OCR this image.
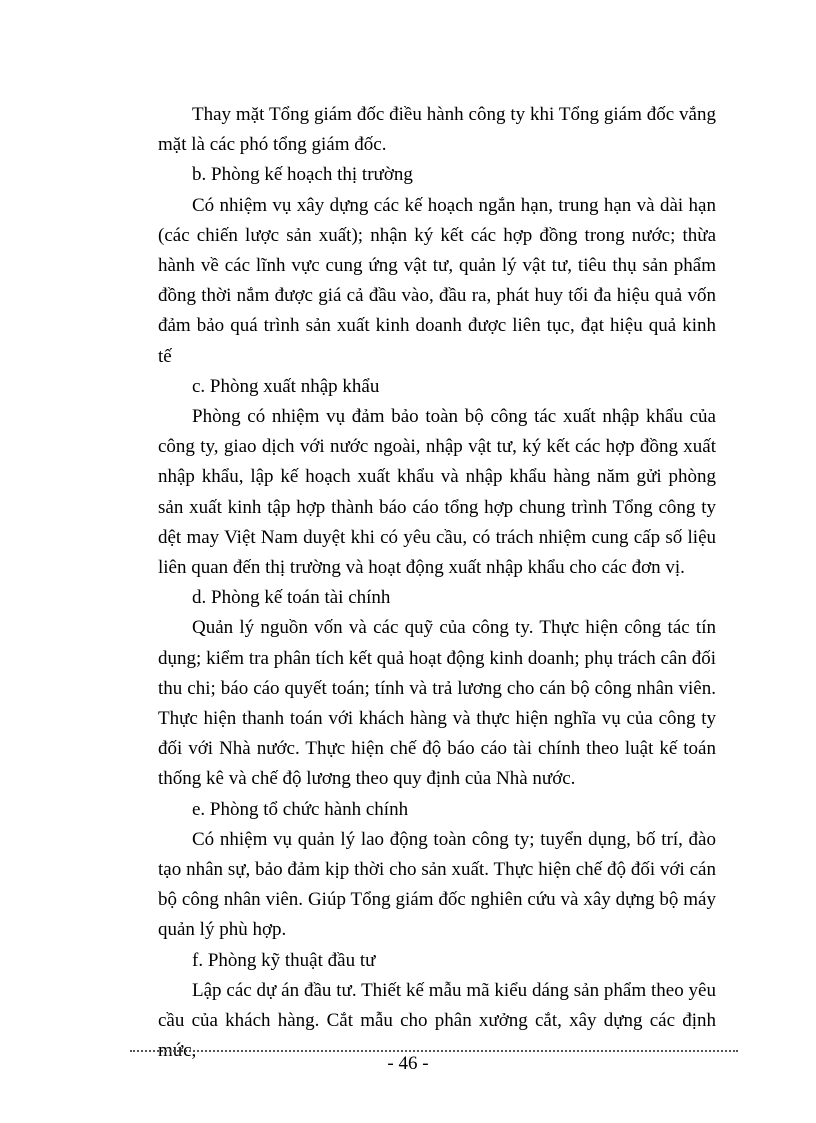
Thay mặt Tổng giám đốc điều hành công ty khi Tổng giám đốc vắng mặt là các phó tổng giám đốc.

b. Phòng kế hoạch thị trường

Có nhiệm vụ xây dựng các kế hoạch ngắn hạn, trung hạn và dài hạn (các chiến lược sản xuất); nhận ký kết các hợp đồng trong nước; thừa hành về các lĩnh vực cung ứng vật tư, quản lý vật tư, tiêu thụ sản phẩm đồng thời nắm được giá cả đầu vào, đầu ra, phát huy tối đa hiệu quả vốn đảm bảo quá trình sản xuất kinh doanh được liên tục, đạt hiệu quả kinh tế

c. Phòng xuất nhập khẩu

Phòng có nhiệm vụ đảm bảo toàn bộ công tác xuất nhập khẩu của công ty, giao dịch với nước ngoài, nhập vật tư, ký kết các hợp đồng xuất nhập khẩu, lập kế hoạch xuất khẩu và nhập khẩu hàng năm gửi phòng sản xuất kinh tập hợp thành báo cáo tổng hợp chung trình Tổng công ty dệt may Việt Nam duyệt khi có yêu cầu, có trách nhiệm cung cấp số liệu liên quan đến thị trường và hoạt động xuất nhập khẩu cho các đơn vị.

d. Phòng kế toán tài chính

Quản lý nguồn vốn và các quỹ của công ty. Thực hiện công tác tín dụng; kiểm tra phân tích kết quả hoạt động kinh doanh; phụ trách cân đối thu chi; báo cáo quyết toán; tính và trả lương cho cán bộ công nhân viên. Thực hiện thanh toán với khách hàng và thực hiện nghĩa vụ của công ty đối với Nhà nước. Thực hiện chế độ báo cáo tài chính theo luật kế toán thống kê và chế độ lương theo quy định của Nhà nước.

e. Phòng tổ chức hành chính

Có nhiệm vụ quản lý lao động toàn công ty; tuyển dụng, bố trí, đào tạo nhân sự, bảo đảm kịp thời cho sản xuất. Thực hiện chế độ đối với cán bộ công nhân viên. Giúp Tổng giám đốc nghiên cứu và xây dựng bộ máy quản lý phù hợp.

f. Phòng kỹ thuật đầu tư

Lập các dự án đầu tư. Thiết kế mẫu mã kiểu dáng sản phẩm theo yêu cầu của khách hàng. Cắt mẫu cho phân xưởng cắt, xây dựng các định mức,

- 46 -
